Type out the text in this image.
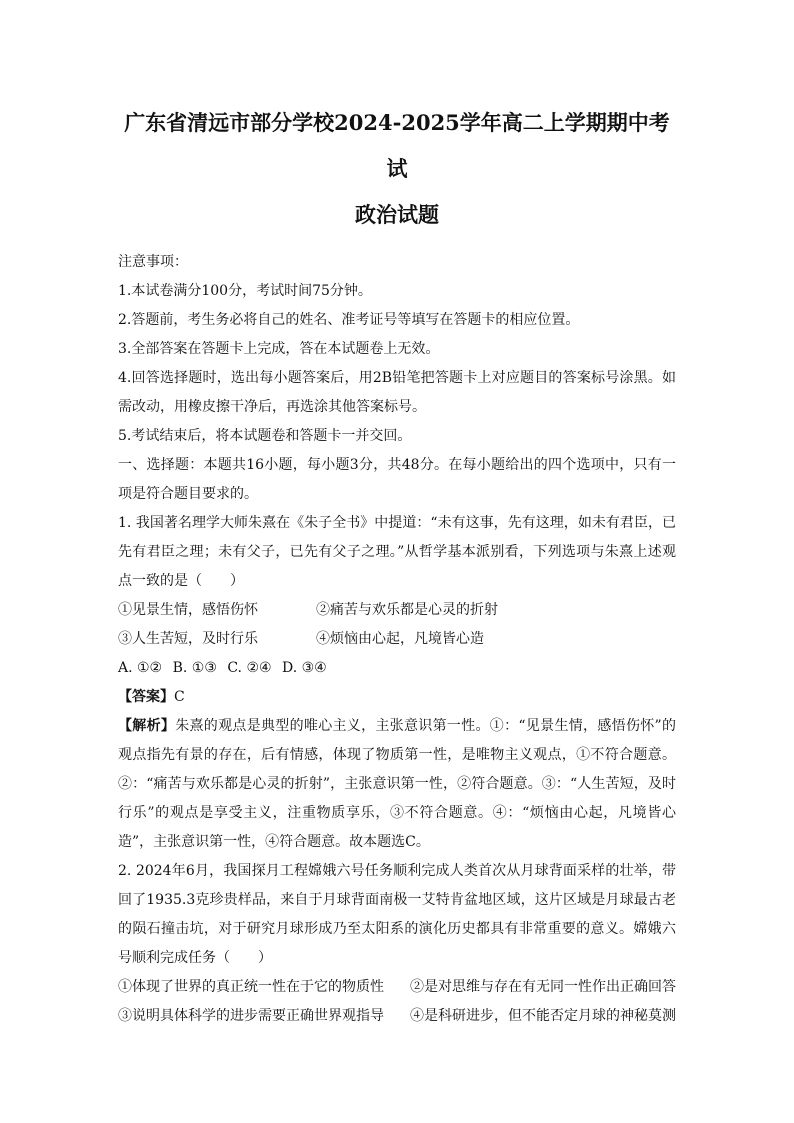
广东省清远市部分学校2024-2025学年高二上学期期中考试
政治试题

注意事项：

1.本试卷满分100分，考试时间75分钟。

2.答题前，考生务必将自己的姓名、准考证号等填写在答题卡的相应位置。

3.全部答案在答题卡上完成，答在本试题卷上无效。

4.回答选择题时，选出每小题答案后，用2B铅笔把答题卡上对应题目的答案标号涂黑。如需改动，用橡皮擦干净后，再选涂其他答案标号。

5.考试结束后，将本试题卷和答题卡一并交回。

一、选择题：本题共16小题，每小题3分，共48分。在每小题给出的四个选项中，只有一项是符合题目要求的。

1. 我国著名理学大师朱熹在《朱子全书》中提道：“未有这事，先有这理，如未有君臣，已先有君臣之理；未有父子，已先有父子之理。”从哲学基本派别看，下列选项与朱熹上述观点一致的是（　　）

①见景生情，感悟伤怀	②痛苦与欢乐都是心灵的折射
③人生苦短，及时行乐	④烦恼由心起，凡境皆心造

A. ①② B. ①③ C. ②④ D. ③④

【答案】C

【解析】朱熹的观点是典型的唯心主义，主张意识第一性。①：“见景生情，感悟伤怀”的观点指先有景的存在，后有情感，体现了物质第一性，是唯物主义观点，①不符合题意。②：“痛苦与欢乐都是心灵的折射”，主张意识第一性，②符合题意。③：“人生苦短，及时行乐”的观点是享受主义，注重物质享乐，③不符合题意。④：“烦恼由心起，凡境皆心造”，主张意识第一性，④符合题意。故本题选C。

2. 2024年6月，我国探月工程嫦娥六号任务顺利完成人类首次从月球背面采样的壮举，带回了1935.3克珍贵样品，来自于月球背面南极一艾特肯盆地区域，这片区域是月球最古老的陨石撞击坑，对于研究月球形成乃至太阳系的演化历史都具有非常重要的意义。嫦娥六号顺利完成任务（　　）

①体现了世界的真正统一性在于它的物质性 ②是对思维与存在有无同一性作出正确回答
③说明具体科学的进步需要正确世界观指导 ④是科研进步，但不能否定月球的神秘莫测
